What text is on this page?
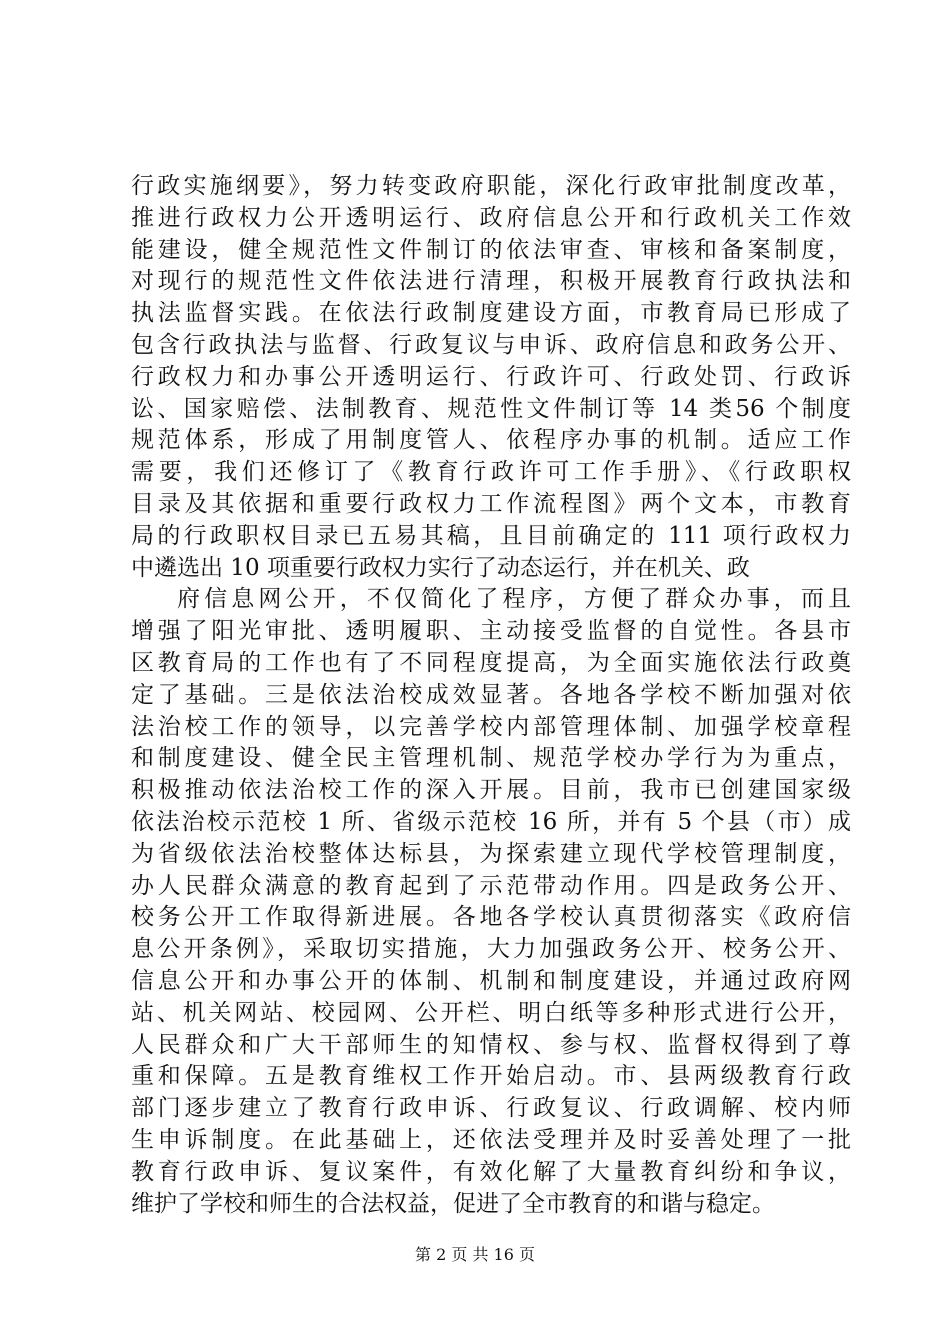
行政实施纲要》，努力转变政府职能，深化行政审批制度改革，
推进行政权力公开透明运行、政府信息公开和行政机关工作效
能建设，健全规范性文件制订的依法审查、审核和备案制度，
对现行的规范性文件依法进行清理，积极开展教育行政执法和
执法监督实践。在依法行政制度建设方面，市教育局已形成了
包含行政执法与监督、行政复议与申诉、政府信息和政务公开、
行政权力和办事公开透明运行、行政许可、行政处罚、行政诉
讼、国家赔偿、法制教育、规范性文件制订等 14 类56 个制度
规范体系，形成了用制度管人、依程序办事的机制。适应工作
需要，我们还修订了《教育行政许可工作手册》、《行政职权
目录及其依据和重要行政权力工作流程图》两个文本，市教育
局的行政职权目录已五易其稿，且目前确定的 111 项行政权力
中遴选出 10 项重要行政权力实行了动态运行，并在机关、政
府信息网公开，不仅简化了程序，方便了群众办事，而且
增强了阳光审批、透明履职、主动接受监督的自觉性。各县市
区教育局的工作也有了不同程度提高，为全面实施依法行政奠
定了基础。三是依法治校成效显著。各地各学校不断加强对依
法治校工作的领导，以完善学校内部管理体制、加强学校章程
和制度建设、健全民主管理机制、规范学校办学行为为重点，
积极推动依法治校工作的深入开展。目前，我市已创建国家级
依法治校示范校 1 所、省级示范校 16 所，并有 5 个县（市）成
为省级依法治校整体达标县，为探索建立现代学校管理制度，
办人民群众满意的教育起到了示范带动作用。四是政务公开、
校务公开工作取得新进展。各地各学校认真贯彻落实《政府信
息公开条例》，采取切实措施，大力加强政务公开、校务公开、
信息公开和办事公开的体制、机制和制度建设，并通过政府网
站、机关网站、校园网、公开栏、明白纸等多种形式进行公开，
人民群众和广大干部师生的知情权、参与权、监督权得到了尊
重和保障。五是教育维权工作开始启动。市、县两级教育行政
部门逐步建立了教育行政申诉、行政复议、行政调解、校内师
生申诉制度。在此基础上，还依法受理并及时妥善处理了一批
教育行政申诉、复议案件，有效化解了大量教育纠纷和争议，
维护了学校和师生的合法权益，促进了全市教育的和谐与稳定。
第 2 页 共 16 页
